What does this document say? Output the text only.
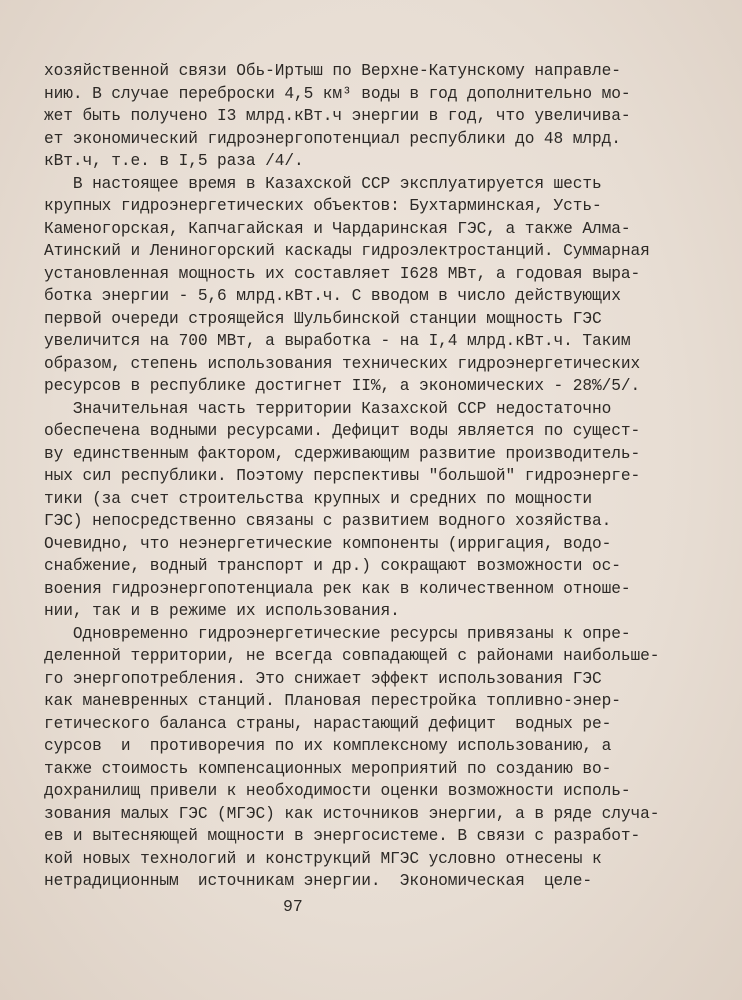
хозяйственной связи Обь-Иртыш по Верхне-Катунскому направле-
нию. В случае переброски 4,5 км³ воды в год дополнительно мо-
жет быть получено I3 млрд.кВт.ч энергии в год, что увеличива-
ет экономический гидроэнергопотенциал республики до 48 млрд.
кВт.ч, т.е. в I,5 раза /4/.
В настоящее время в Казахской ССР эксплуатируется шесть
крупных гидроэнергетических объектов: Бухтарминская, Усть-
Каменогорская, Капчагайская и Чардаринская ГЭС, а также Алма-
Атинский и Лениногорский каскады гидроэлектростанций. Суммарная
установленная мощность их составляет I628 МВт, а годовая выра-
ботка энергии - 5,6 млрд.кВт.ч. С вводом в число действующих
первой очереди строящейся Шульбинской станции мощность ГЭС
увеличится на 700 МВт, а выработка - на I,4 млрд.кВт.ч. Таким
образом, степень использования технических гидроэнергетических
ресурсов в республике достигнет II%, а экономических - 28%/5/.
Значительная часть территории Казахской ССР недостаточно
обеспечена водными ресурсами. Дефицит воды является по сущест-
ву единственным фактором, сдерживающим развитие производитель-
ных сил республики. Поэтому перспективы "большой" гидроэнерге-
тики (за счет строительства крупных и средних по мощности
ГЭС) непосредственно связаны с развитием водного хозяйства.
Очевидно, что неэнергетические компоненты (ирригация, водо-
снабжение, водный транспорт и др.) сокращают возможности ос-
воения гидроэнергопотенциала рек как в количественном отноше-
нии, так и в режиме их использования.
Одновременно гидроэнергетические ресурсы привязаны к опре-
деленной территории, не всегда совпадающей с районами наибольше-
го энергопотребления. Это снижает эффект использования ГЭС
как маневренных станций. Плановая перестройка топливно-энер-
гетического баланса страны, нарастающий дефицит  водных ре-
сурсов  и  противоречия по их комплексному использованию, а
также стоимость компенсационных мероприятий по созданию во-
дохранилищ привели к необходимости оценки возможности исполь-
зования малых ГЭС (МГЭС) как источников энергии, а в ряде случа-
ев и вытесняющей мощности в энергосистеме. В связи с разработ-
кой новых технологий и конструкций МГЭС условно отнесены к
нетрадиционным  источникам энергии.  Экономическая  целе-
97
